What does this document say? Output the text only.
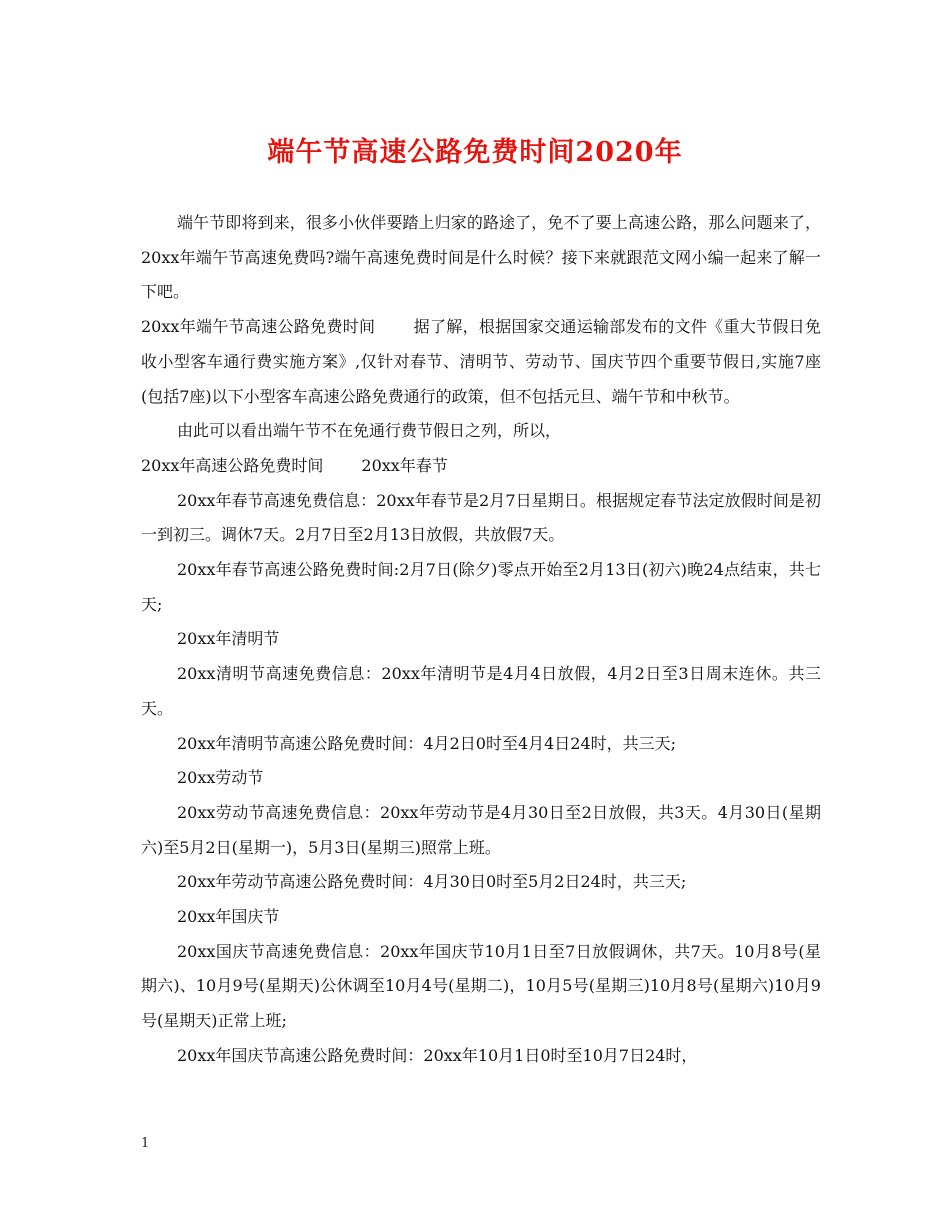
端午节高速公路免费时间2020年

端午节即将到来，很多小伙伴要踏上归家的路途了，免不了要上高速公路，那么问题来了，20xx年端午节高速免费吗?端午高速免费时间是什么时候？接下来就跟范文网小编一起来了解一下吧。

20xx年端午节高速公路免费时间 据了解，根据国家交通运输部发布的文件《重大节假日免收小型客车通行费实施方案》,仅针对春节、清明节、劳动节、国庆节四个重要节假日,实施7座(包括7座)以下小型客车高速公路免费通行的政策，但不包括元旦、端午节和中秋节。

由此可以看出端午节不在免通行费节假日之列，所以，

20xx年高速公路免费时间 20xx年春节

20xx年春节高速免费信息：20xx年春节是2月7日星期日。根据规定春节法定放假时间是初一到初三。调休7天。2月7日至2月13日放假，共放假7天。

20xx年春节高速公路免费时间:2月7日(除夕)零点开始至2月13日(初六)晚24点结束，共七天;

20xx年清明节

20xx清明节高速免费信息：20xx年清明节是4月4日放假，4月2日至3日周末连休。共三天。

20xx年清明节高速公路免费时间：4月2日0时至4月4日24时，共三天;

20xx劳动节

20xx劳动节高速免费信息：20xx年劳动节是4月30日至2日放假，共3天。4月30日(星期六)至5月2日(星期一)，5月3日(星期三)照常上班。

20xx年劳动节高速公路免费时间：4月30日0时至5月2日24时，共三天;

20xx年国庆节

20xx国庆节高速免费信息：20xx年国庆节10月1日至7日放假调休，共7天。10月8号(星期六)、10月9号(星期天)公休调至10月4号(星期二)，10月5号(星期三)10月8号(星期六)10月9号(星期天)正常上班;

20xx年国庆节高速公路免费时间：20xx年10月1日0时至10月7日24时，

1
